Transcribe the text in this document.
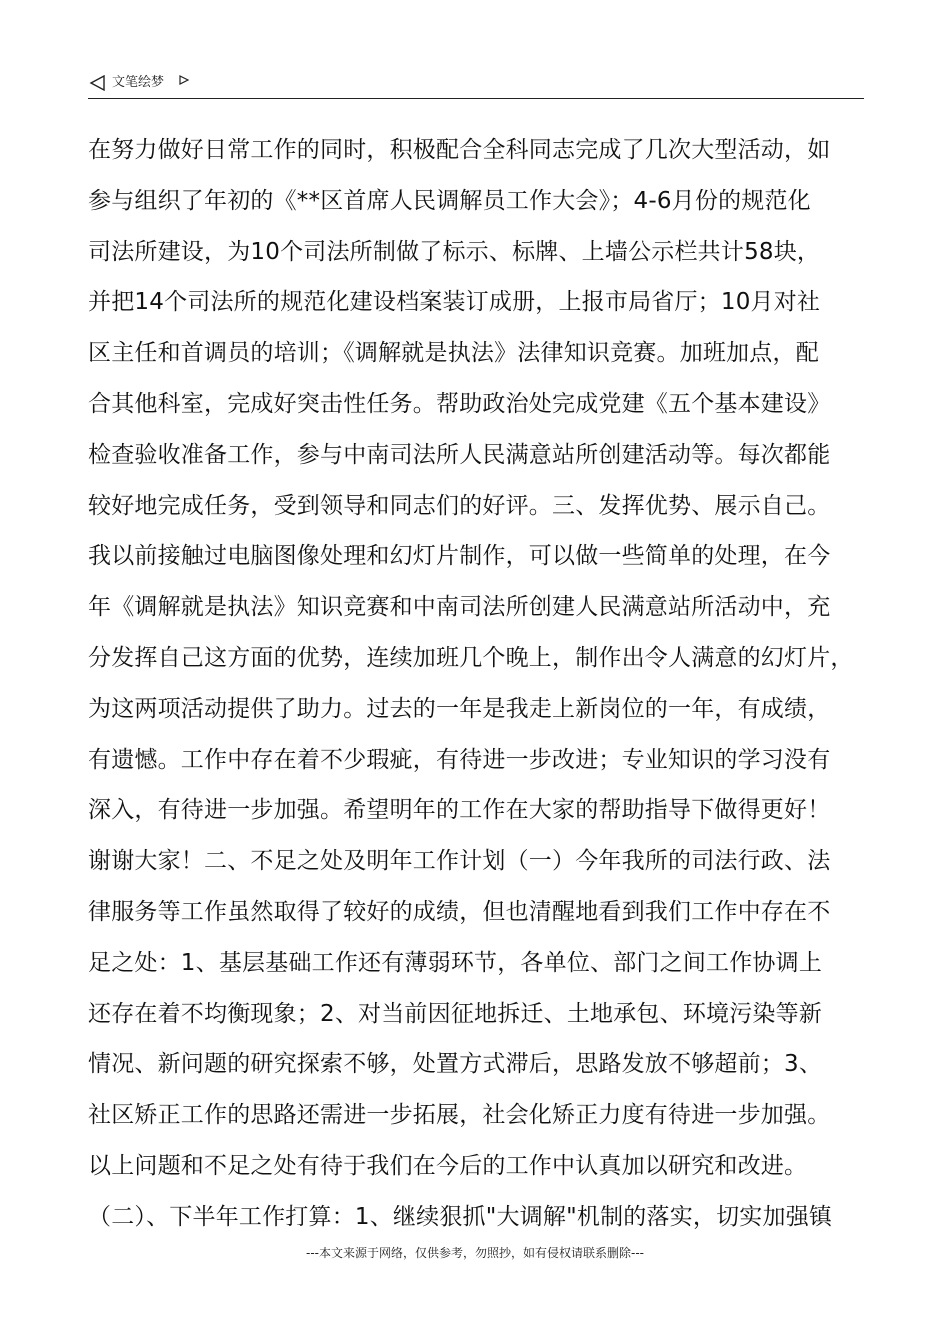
文笔绘梦
在努力做好日常工作的同时，积极配合全科同志完成了几次大型活动，如
参与组织了年初的《**区首席人民调解员工作大会》；4-6月份的规范化
司法所建设，为10个司法所制做了标示、标牌、上墙公示栏共计58块，
并把14个司法所的规范化建设档案装订成册，上报市局省厅；10月对社
区主任和首调员的培训；《调解就是执法》法律知识竞赛。加班加点，配
合其他科室，完成好突击性任务。帮助政治处完成党建《五个基本建设》
检查验收准备工作，参与中南司法所人民满意站所创建活动等。每次都能
较好地完成任务，受到领导和同志们的好评。三、发挥优势、展示自己。
我以前接触过电脑图像处理和幻灯片制作，可以做一些简单的处理，在今
年《调解就是执法》知识竞赛和中南司法所创建人民满意站所活动中，充
分发挥自己这方面的优势，连续加班几个晚上，制作出令人满意的幻灯片，
为这两项活动提供了助力。过去的一年是我走上新岗位的一年，有成绩，
有遗憾。工作中存在着不少瑕疵，有待进一步改进；专业知识的学习没有
深入，有待进一步加强。希望明年的工作在大家的帮助指导下做得更好！
谢谢大家！二、不足之处及明年工作计划（一）今年我所的司法行政、法
律服务等工作虽然取得了较好的成绩，但也清醒地看到我们工作中存在不
足之处：1、基层基础工作还有薄弱环节，各单位、部门之间工作协调上
还存在着不均衡现象；2、对当前因征地拆迁、土地承包、环境污染等新
情况、新问题的研究探索不够，处置方式滞后，思路发放不够超前；3、
社区矫正工作的思路还需进一步拓展，社会化矫正力度有待进一步加强。
以上问题和不足之处有待于我们在今后的工作中认真加以研究和改进。
（二）、下半年工作打算：1、继续狠抓"大调解"机制的落实，切实加强镇
---本文来源于网络，仅供参考，勿照抄，如有侵权请联系删除---
